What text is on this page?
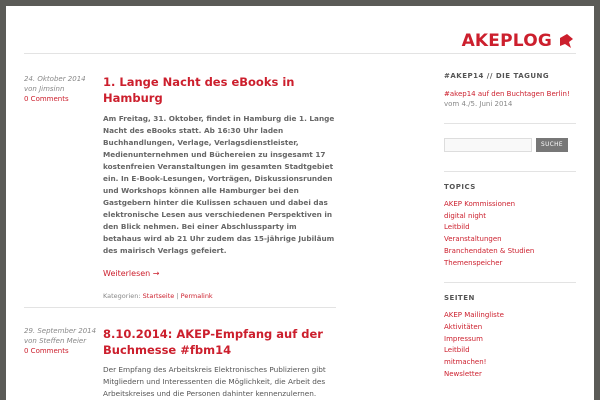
AKEPLOG
24. Oktober 2014
von Jimsinn
0 Comments
1. Lange Nacht des eBooks in Hamburg

Am Freitag, 31. Oktober, findet in Hamburg die 1. Lange Nacht des eBooks statt. Ab 16:30 Uhr laden Buchhandlungen, Verlage, Verlagsdienstleister, Medienunternehmen und Büchereien zu insgesamt 17 kostenfreien Veranstaltungen im gesamten Stadtgebiet ein. In E-Book-Lesungen, Vorträgen, Diskussionsrunden und Workshops können alle Hamburger bei den Gastgebern hinter die Kulissen schauen und dabei das elektronische Lesen aus verschiedenen Perspektiven in den Blick nehmen. Bei einer Abschlussparty im betahaus wird ab 21 Uhr zudem das 15-jährige Jubiläum des mairisch Verlags gefeiert.

Weiterlesen →
Kategorien: Startseite | Permalink
29. September 2014
von Steffen Meier
0 Comments
8.10.2014: AKEP-Empfang auf der Buchmesse #fbm14

Der Empfang des Arbeitskreis Elektronisches Publizieren gibt Mitgliedern und Interessenten die Möglichkeit, die Arbeit des Arbeitskreises und die Personen dahinter kennenzulernen.

#AKEP14 // DIE TAGUNG
#akep14 auf den Buchtagen Berlin! vom 4./5. Juni 2014
SUCHE
TOPICS
AKEP Kommissionen
digital night
Leitbild
Veranstaltungen
Branchendaten & Studien
Themenspeicher
SEITEN
AKEP Mailingliste
Aktivitäten
Impressum
Leitbild
mitmachen!
Newsletter
